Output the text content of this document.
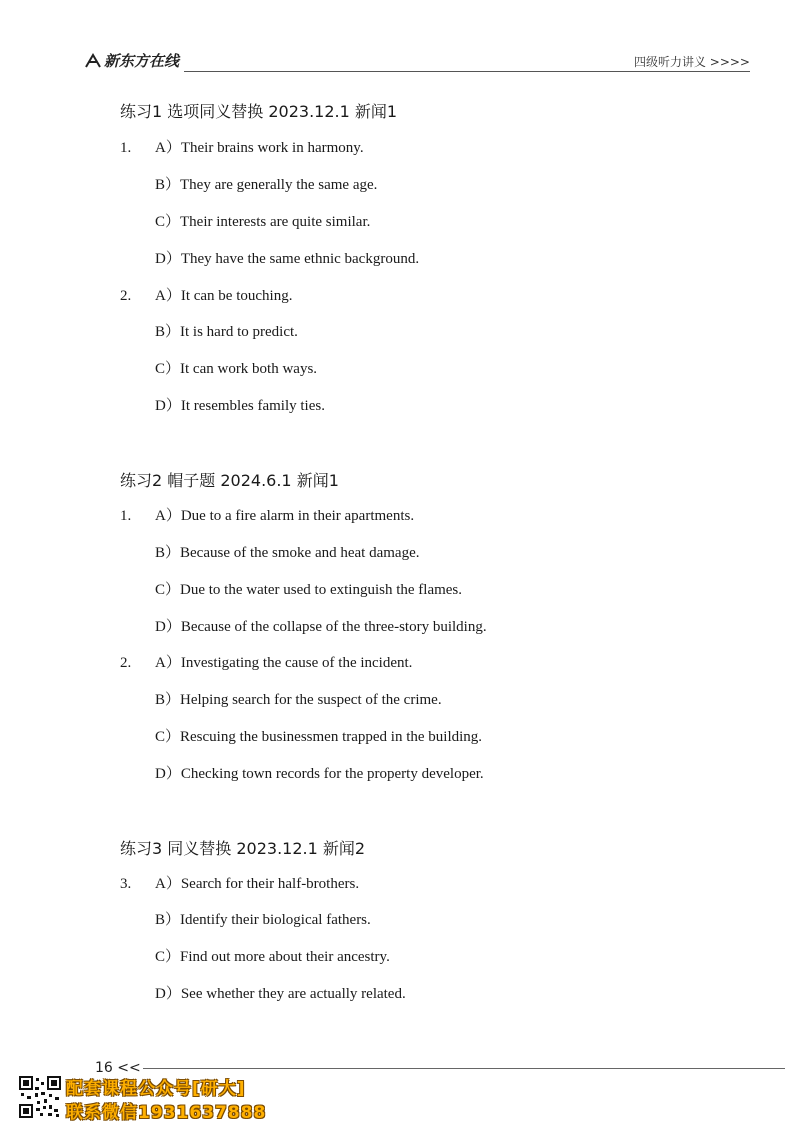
新东方在线	四级听力讲义 >>>>
练习1 选项同义替换 2023.12.1 新闻1
1. A）Their brains work in harmony.
B）They are generally the same age.
C）Their interests are quite similar.
D）They have the same ethnic background.
2. A）It can be touching.
B）It is hard to predict.
C）It can work both ways.
D）It resembles family ties.
练习2 帽子题 2024.6.1 新闻1
1. A）Due to a fire alarm in their apartments.
B）Because of the smoke and heat damage.
C）Due to the water used to extinguish the flames.
D）Because of the collapse of the three-story building.
2. A）Investigating the cause of the incident.
B）Helping search for the suspect of the crime.
C）Rescuing the businessmen trapped in the building.
D）Checking town records for the property developer.
练习3 同义替换 2023.12.1 新闻2
3. A）Search for their half-brothers.
B）Identify their biological fathers.
C）Find out more about their ancestry.
D）See whether they are actually related.
16 <<
配套课程公众号[研大]
联系微信1931637888
